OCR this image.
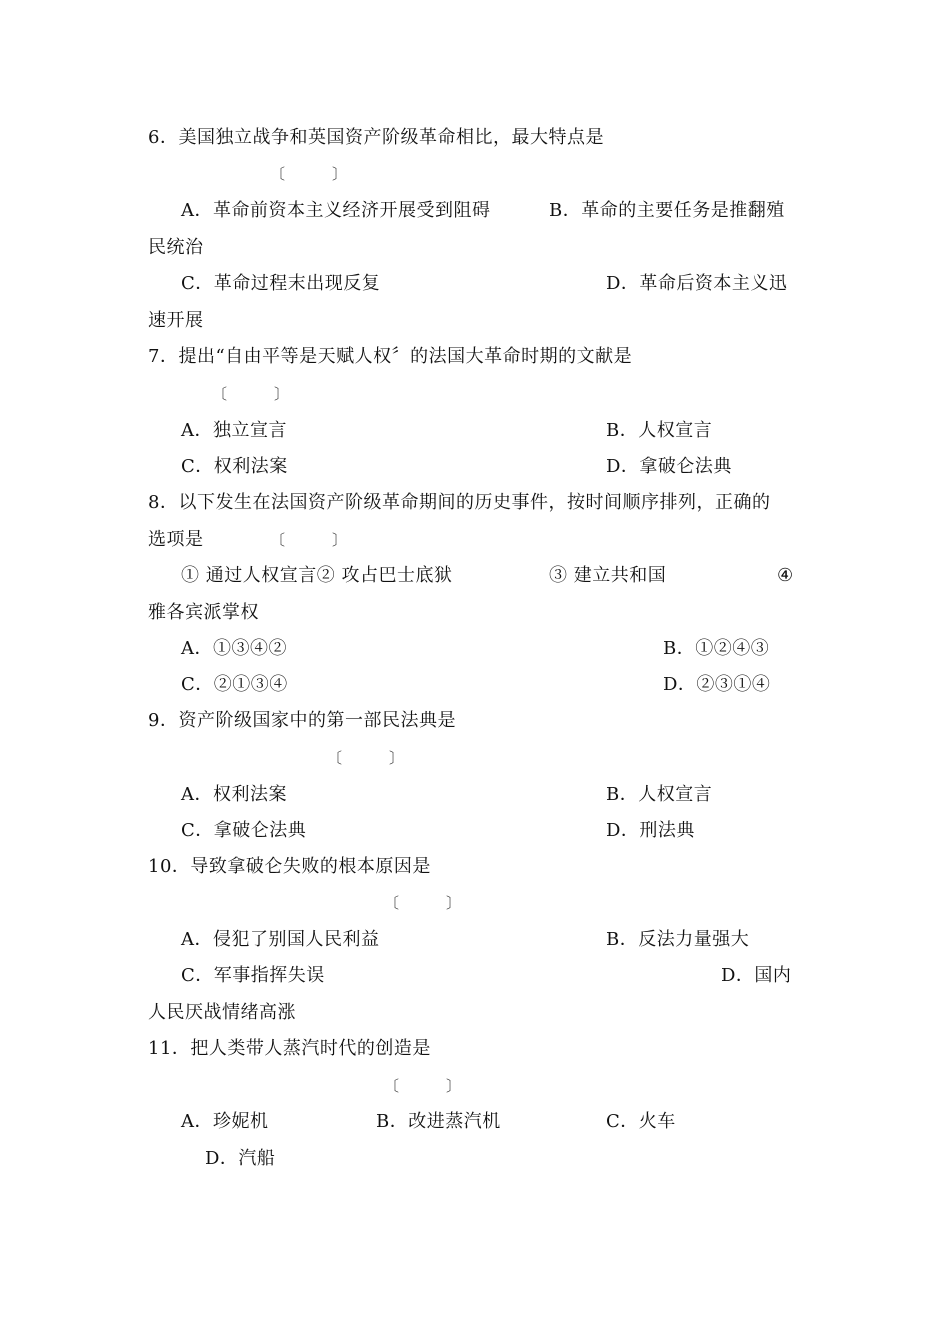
6．美国独立战争和英国资产阶级革命相比，最大特点是
〔　〕
A．革命前资本主义经济开展受到阻碍	B．革命的主要任务是推翻殖
民统治
C．革命过程末出现反复	D．革命后资本主义迅
速开展
7．提出“自由平等是天赋人权〞的法国大革命时期的文献是
〔　〕
A．独立宣言	B．人权宣言
C．权利法案	D．拿破仑法典
8．以下发生在法国资产阶级革命期间的历史事件，按时间顺序排列，正确的
选项是	〔　〕
① 通过人权宣言② 攻占巴士底狱	③ 建立共和国	④
雅各宾派掌权
A．①③④②	B．①②④③
C．②①③④	D．②③①④
9．资产阶级国家中的第一部民法典是
〔　〕
A．权利法案	B．人权宣言
C．拿破仑法典	D．刑法典
10．导致拿破仑失败的根本原因是
〔　〕
A．侵犯了别国人民利益	B．反法力量强大
C．军事指挥失误	D．国内
人民厌战情绪高涨
11．把人类带人蒸汽时代的创造是
〔　〕
A．珍妮机	B．改进蒸汽机	C．火车
D．汽船
